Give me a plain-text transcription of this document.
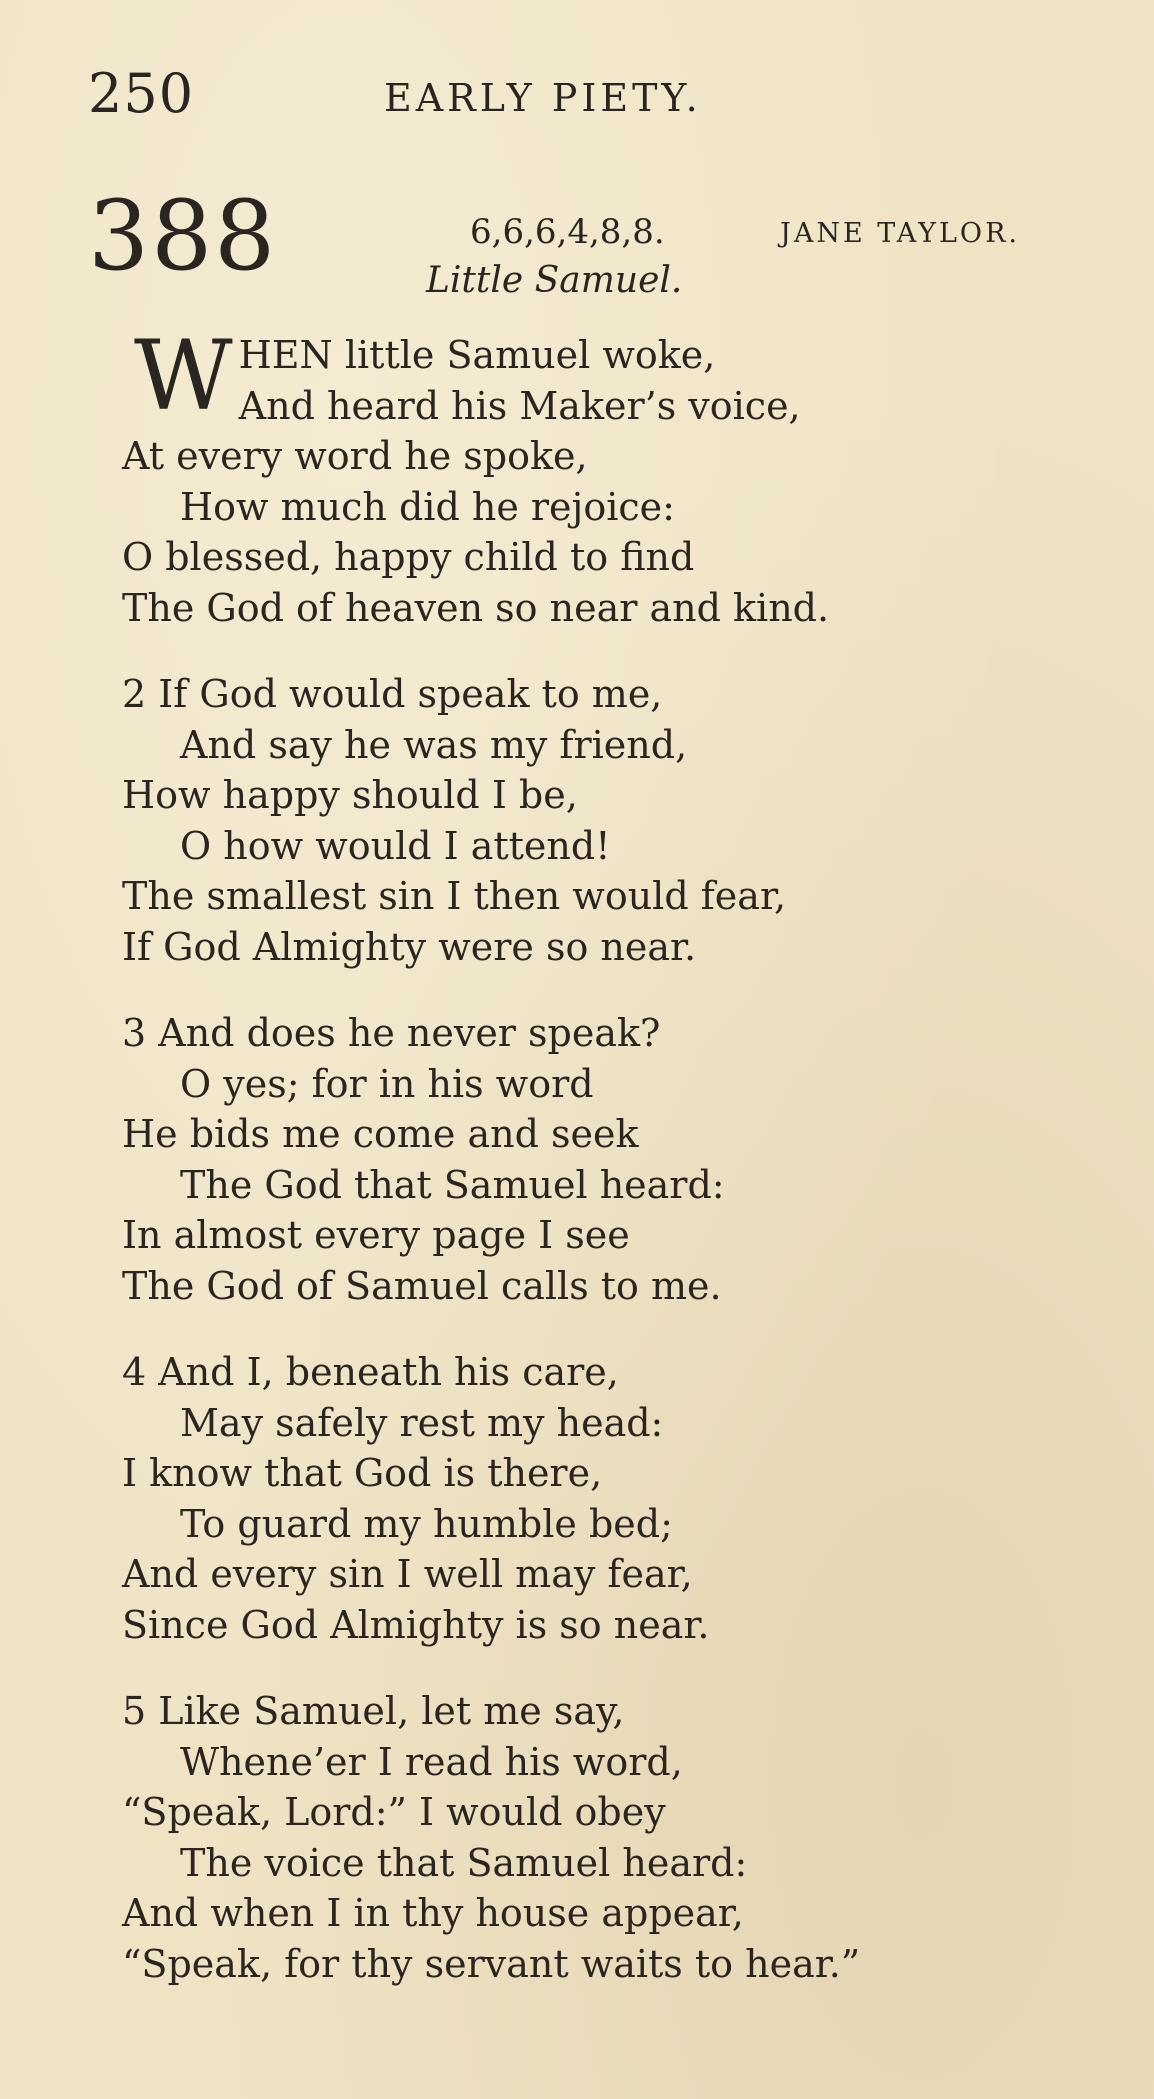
250	EARLY PIETY.
388	6,6,6,4,8,8.	JANE TAYLOR.
Little Samuel.
W HEN little Samuel woke,
And heard his Maker’s voice,
At every word he spoke,
How much did he rejoice:
O blessed, happy child to find
The God of heaven so near and kind.
2 If God would speak to me,
And say he was my friend,
How happy should I be,
O how would I attend!
The smallest sin I then would fear,
If God Almighty were so near.
3 And does he never speak?
O yes; for in his word
He bids me come and seek
The God that Samuel heard:
In almost every page I see
The God of Samuel calls to me.
4 And I, beneath his care,
May safely rest my head:
I know that God is there,
To guard my humble bed;
And every sin I well may fear,
Since God Almighty is so near.
5 Like Samuel, let me say,
Whene’er I read his word,
“Speak, Lord:” I would obey
The voice that Samuel heard:
And when I in thy house appear,
“Speak, for thy servant waits to hear.”
